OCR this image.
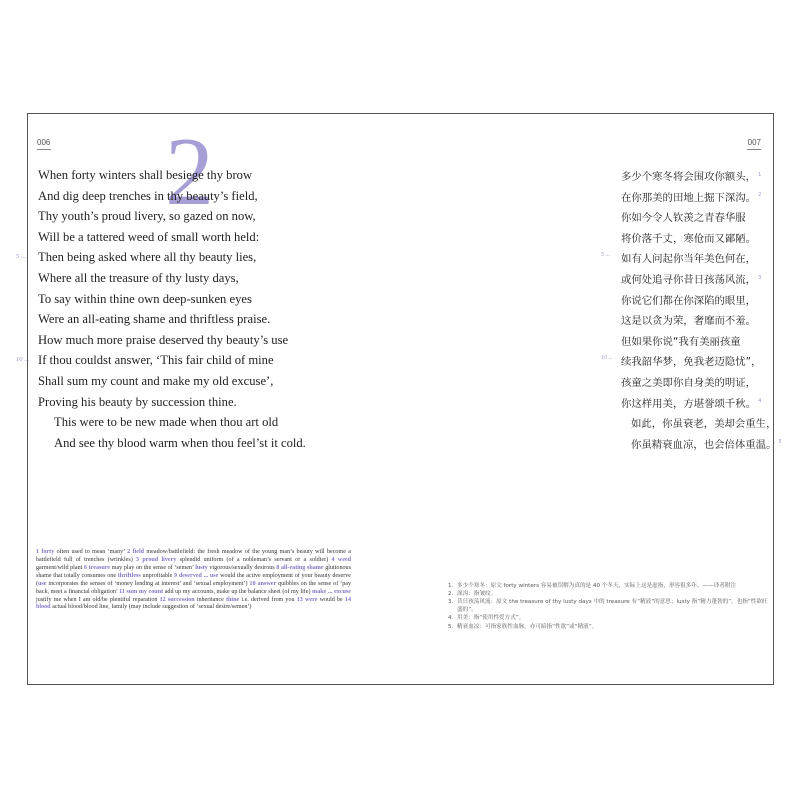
006	007
2
When forty winters shall besiege thy brow
And dig deep trenches in thy beauty’s field,
Thy youth’s proud livery, so gazed on now,
Will be a tattered weed of small worth held:
5 ... Then being asked where all thy beauty lies,
Where all the treasure of thy lusty days,
To say within thine own deep-sunken eyes
Were an all-eating shame and thriftless praise.
How much more praise deserved thy beauty’s use
10 ... If thou couldst answer, ‘This fair child of mine
Shall sum my count and make my old excuse’,
Proving his beauty by succession thine.
This were to be new made when thou art old
And see thy blood warm when thou feel’st it cold.
1 forty often used to mean ‘many’ 2 field meadow/battlefield: the fresh meadow of the young man’s beauty will become a battlefield full of trenches (wrinkles) 3 proud livery splendid uniform (of a nobleman’s servant or a soldier) 4 weed garment/wild plant 6 treasure may play on the sense of ‘semen’ lusty vigorous/sexually desirous 8 all-eating shame gluttonous shame that totally consumes one thriftless unprofitable 9 deserved ... use would the active employment of your beauty deserve (use incorporates the senses of ‘money lending at interest’ and ‘sexual employment’) 10 answer quibbles on the sense of ‘pay back, meet a financial obligation’ 11 sum my count add up my accounts, make up the balance sheet (of my life) make ... excuse justify me when I am old/be plentiful reparation 12 succession inheritance thine i.e. derived from you 13 were would be 14 blood actual blood/blood line, family (may include suggestion of ‘sexual desire/semen’)
多少个寒冬将会围攻你额头， $^1$
在你那美的田地上掘下深沟。 $^2$
你如今令人钦羡之青春华服
将价落千丈，寒伧而又鄙陋。
5 ... 如有人问起你当年美色何在，
或何处追寻你昔日孩荡风流， $^3$
你说它们都在你深陷的眼里，
这是以贪为荣，奢靡而不羞。
但如果你说“我有美丽孩童
10 ... 续我韶华梦，免我老迈隐忧”，
孩童之美即你自身美的明证，
你这样用美，方堪誉颂千秋。 $^4$
如此，你虽衰老，美却会重生，
你虽精衰血凉，也会倍体重温。 $^5$
1. 多少个寒冬：原文 forty winters 容易被误解为真的是 40 个冬天，实际上这是虚指，形容很多年。——译者附注
2. 深沟：指皱纹。
3. 昔日孩荡风流：原文 the treasure of thy lusty days 中的 treasure 有“精液”的意思；lusty 指“精力蓬勃的”，也指“性欲旺盛的”。
4. 用美：指“使用性爱方式”。
5. 精衰血凉：可指家族性血脉，亦可暗指“性欲”或“精液”。
